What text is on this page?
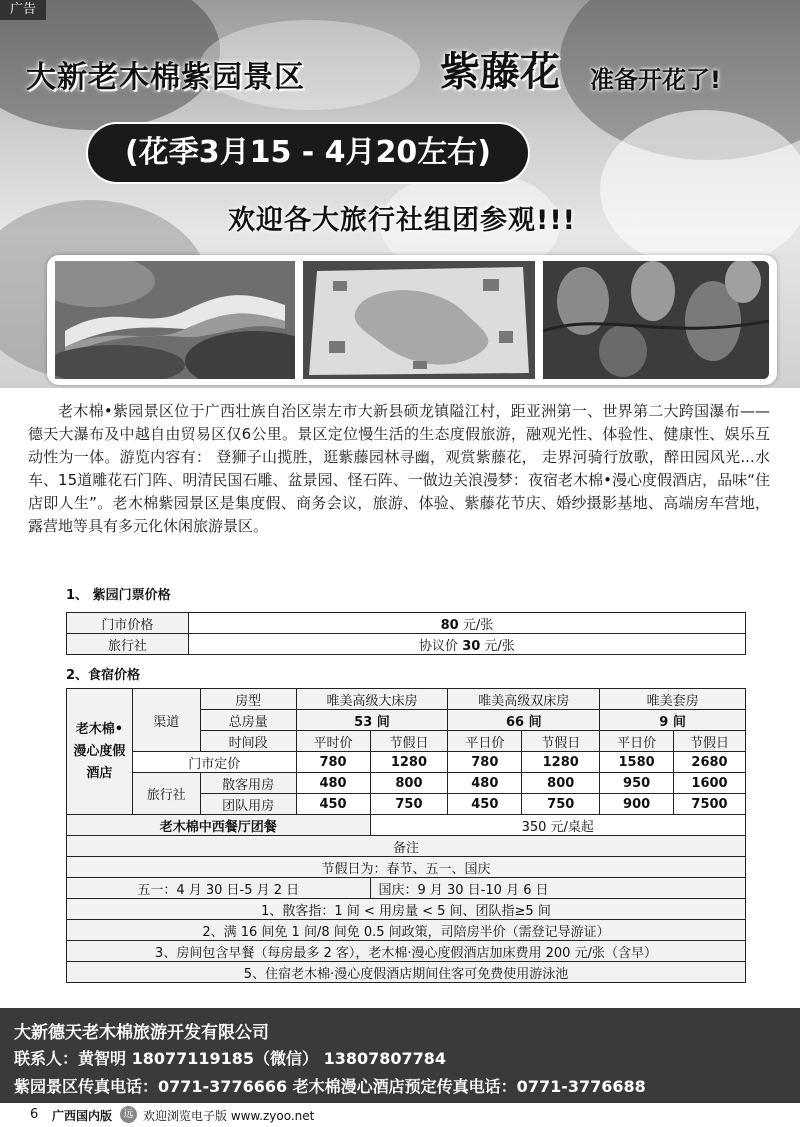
广告
大新老木棉紫园景区	紫藤花 准备开花了!
(花季3月15 - 4月20左右)
欢迎各大旅行社组团参观!!!

老木棉•紫园景区位于广西壮族自治区崇左市大新县硕龙镇隘江村，距亚洲第一、世界第二大跨国瀑布——德天大瀑布及中越自由贸易区仅6公里。景区定位慢生活的生态度假旅游，融观光性、体验性、健康性、娱乐互动性为一体。游览内容有： 登狮子山揽胜，逛紫藤园林寻幽，观赏紫藤花， 走界河骑行放歌，醉田园风光...水车、15道雕花石门阵、明清民国石雕、盆景园、怪石阵、一做边关浪漫梦：夜宿老木棉•漫心度假酒店，品味“住店即人生”。老木棉紫园景区是集度假、商务会议，旅游、体验、紫藤花节庆、婚纱摄影基地、高端房车营地，露营地等具有多元化休闲旅游景区。

1、 紫园门票价格
门市价格	80 元/张
旅行社	协议价 30 元/张
2、食宿价格
老木棉•漫心度假酒店	渠道	房型	唯美高级大床房		唯美高级双床房		唯美套房	
		总房量	53 间		66 间		9 间	
		时间段	平时价	节假日	平日价	节假日	平日价	节假日
	门市定价		780	1280	780	1280	1580	2680
	旅行社	散客用房	480	800	480	800	950	1600
		团队用房	450	750	450	750	900	7500
老木棉中西餐厅团餐				350 元/桌起				
备注								
节假日为：春节、五一、国庆								
五一：4 月 30 日-5 月 2 日				国庆：9 月 30 日-10 月 6 日				
1、散客指：1 间 < 用房量 < 5 间、团队指≥5 间								
2、满 16 间免 1 间/8 间免 0.5 间政策，司陪房半价（需登记导游证）								
3、房间包含早餐（每房最多 2 客），老木棉·漫心度假酒店加床费用 200 元/张（含早）								
5、住宿老木棉·漫心度假酒店期间住客可免费使用游泳池								
大新德天老木棉旅游开发有限公司
联系人：黄智明 18077119185（微信） 13807807784
紫园景区传真电话：0771-3776666 老木棉漫心酒店预定传真电话：0771-3776688
6 广西国内版	远 欢迎浏览电子版 www.zyoo.net
